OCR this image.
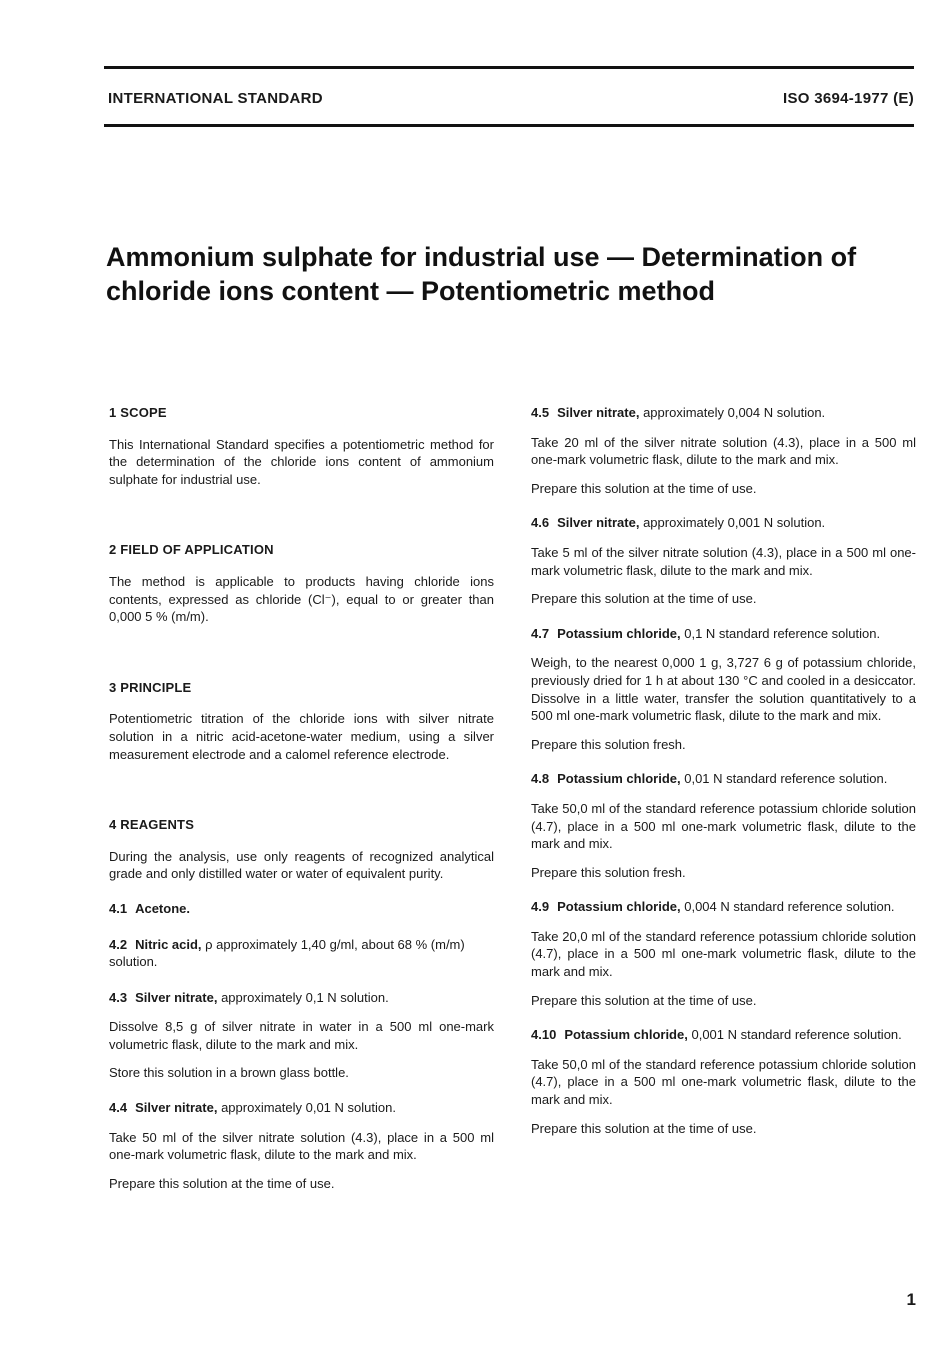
INTERNATIONAL STANDARD	ISO 3694-1977 (E)
Ammonium sulphate for industrial use — Determination of
chloride ions content — Potentiometric method
1 SCOPE

This International Standard specifies a potentiometric method for the determination of the chloride ions content of ammonium sulphate for industrial use.

2 FIELD OF APPLICATION

The method is applicable to products having chloride ions contents, expressed as chloride (Cl⁻), equal to or greater than 0,000 5 % (m/m).

3 PRINCIPLE

Potentiometric titration of the chloride ions with silver nitrate solution in a nitric acid-acetone-water medium, using a silver measurement electrode and a calomel reference electrode.

4 REAGENTS

During the analysis, use only reagents of recognized analytical grade and only distilled water or water of equivalent purity.

4.1 Acetone.
4.2 Nitric acid, ρ approximately 1,40 g/ml, about 68 % (m/m) solution.
4.3 Silver nitrate, approximately 0,1 N solution.

Dissolve 8,5 g of silver nitrate in water in a 500 ml one-mark volumetric flask, dilute to the mark and mix.

Store this solution in a brown glass bottle.

4.4 Silver nitrate, approximately 0,01 N solution.

Take 50 ml of the silver nitrate solution (4.3), place in a 500 ml one-mark volumetric flask, dilute to the mark and mix.

Prepare this solution at the time of use.

4.5 Silver nitrate, approximately 0,004 N solution.

Take 20 ml of the silver nitrate solution (4.3), place in a 500 ml one-mark volumetric flask, dilute to the mark and mix.

Prepare this solution at the time of use.

4.6 Silver nitrate, approximately 0,001 N solution.

Take 5 ml of the silver nitrate solution (4.3), place in a 500 ml one-mark volumetric flask, dilute to the mark and mix.

Prepare this solution at the time of use.

4.7 Potassium chloride, 0,1 N standard reference solution.

Weigh, to the nearest 0,000 1 g, 3,727 6 g of potassium chloride, previously dried for 1 h at about 130 °C and cooled in a desiccator. Dissolve in a little water, transfer the solution quantitatively to a 500 ml one-mark volumetric flask, dilute to the mark and mix.

Prepare this solution fresh.

4.8 Potassium chloride, 0,01 N standard reference solution.

Take 50,0 ml of the standard reference potassium chloride solution (4.7), place in a 500 ml one-mark volumetric flask, dilute to the mark and mix.

Prepare this solution fresh.

4.9 Potassium chloride, 0,004 N standard reference solution.

Take 20,0 ml of the standard reference potassium chloride solution (4.7), place in a 500 ml one-mark volumetric flask, dilute to the mark and mix.

Prepare this solution at the time of use.

4.10 Potassium chloride, 0,001 N standard reference solution.

Take 50,0 ml of the standard reference potassium chloride solution (4.7), place in a 500 ml one-mark volumetric flask, dilute to the mark and mix.

Prepare this solution at the time of use.

1
